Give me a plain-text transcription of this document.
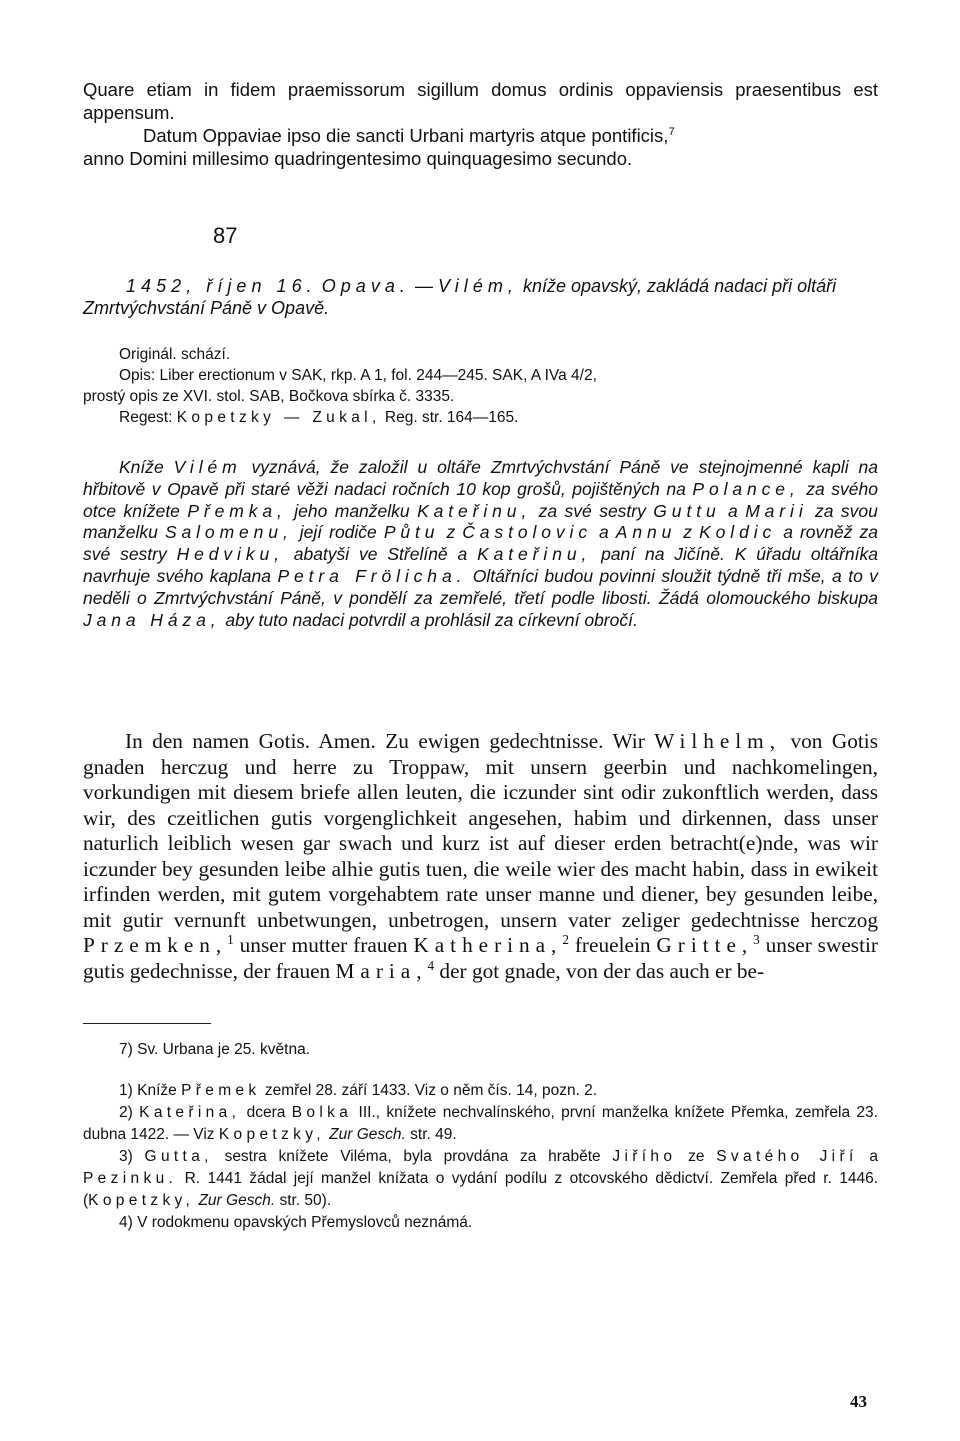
Quare etiam in fidem praemissorum sigillum domus ordinis oppaviensis praesentibus est appensum.

Datum Oppaviae ipso die sancti Urbani martyris atque pontificis,$^7$

anno Domini millesimo quadringentesimo quinquagesimo secundo.

87

1452, říjen 16. Opava. — Vilém, kníže opavský, zakládá nadaci při oltáři Zmrtvýchvstání Páně v Opavě.

Originál. schází.

Opis: Liber erectionum v SAK, rkp. A 1, fol. 244—245. SAK, A IVa 4/2,

prostý opis ze XVI. stol. SAB, Bočkova sbírka č. 3335.

Regest: Kopetzky — Zukal, Reg. str. 164—165.

Kníže Vilém vyznává, že založil u oltáře Zmrtvýchvstání Páně ve stejnojmenné kapli na hřbitově v Opavě při staré věži nadaci ročních 10 kop grošů, pojištěných na Polance, za svého otce knížete Přemka, jeho manželku Kateřinu, za své sestry Guttu a Marii za svou manželku Salomenu, její rodiče Půtu z Častolovic a Annu z Koldic a rovněž za své sestry Hedviku, abatyši ve Střelíně a Kateřinu, paní na Jičíně. K úřadu oltářníka navrhuje svého kaplana Petra Frölicha. Oltářníci budou povinni sloužit týdně tři mše, a to v neděli o Zmrtvýchvstání Páně, v pondělí za zemřelé, třetí podle libosti. Žádá olomouckého biskupa Jana Háza, aby tuto nadaci potvrdil a prohlásil za církevní obročí.

In den namen Gotis. Amen. Zu ewigen gedechtnisse. Wir Wilhelm, von Gotis gnaden herczug und herre zu Troppaw, mit unsern geerbin und nachkomelingen, vorkundigen mit diesem briefe allen leuten, die iczunder sint odir zukonftlich werden, dass wir, des czeitlichen gutis vorgenglichkeit angesehen, habim und dirkennen, dass unser naturlich leiblich wesen gar swach und kurz ist auf dieser erden betracht(e)nde, was wir iczunder bey gesunden leibe alhie gutis tuen, die weile wier des macht habin, dass in ewikeit irfinden werden, mit gutem vorgehabtem rate unser manne und diener, bey gesunden leibe, mit gutir vernunft unbetwungen, unbetrogen, unsern vater zeliger gedechtnisse herczog Przemken,$^1$ unser mutter frauen Katherina,$^2$ freuelein Gritte,$^3$ unser swestir gutis gedechnisse, der frauen Maria,$^4$ der got gnade, von der das auch er be-

7) Sv. Urbana je 25. května.

1) Kníže Přemek zemřel 28. září 1433. Viz o něm čís. 14, pozn. 2.

2) Kateřina, dcera Bolka III., knížete nechvalínského, první manželka knížete Přemka, zemřela 23. dubna 1422. — Viz Kopetzky, Zur Gesch. str. 49.

3) Gutta, sestra knížete Viléma, byla provdána za hraběte Jiřího ze Svatého Jiří a Pezinku. R. 1441 žádal její manžel knížata o vydání podílu z otcovského dědictví. Zemřela před r. 1446. (Kopetzky, Zur Gesch. str. 50).

4) V rodokmenu opavských Přemyslovců neznámá.

43
